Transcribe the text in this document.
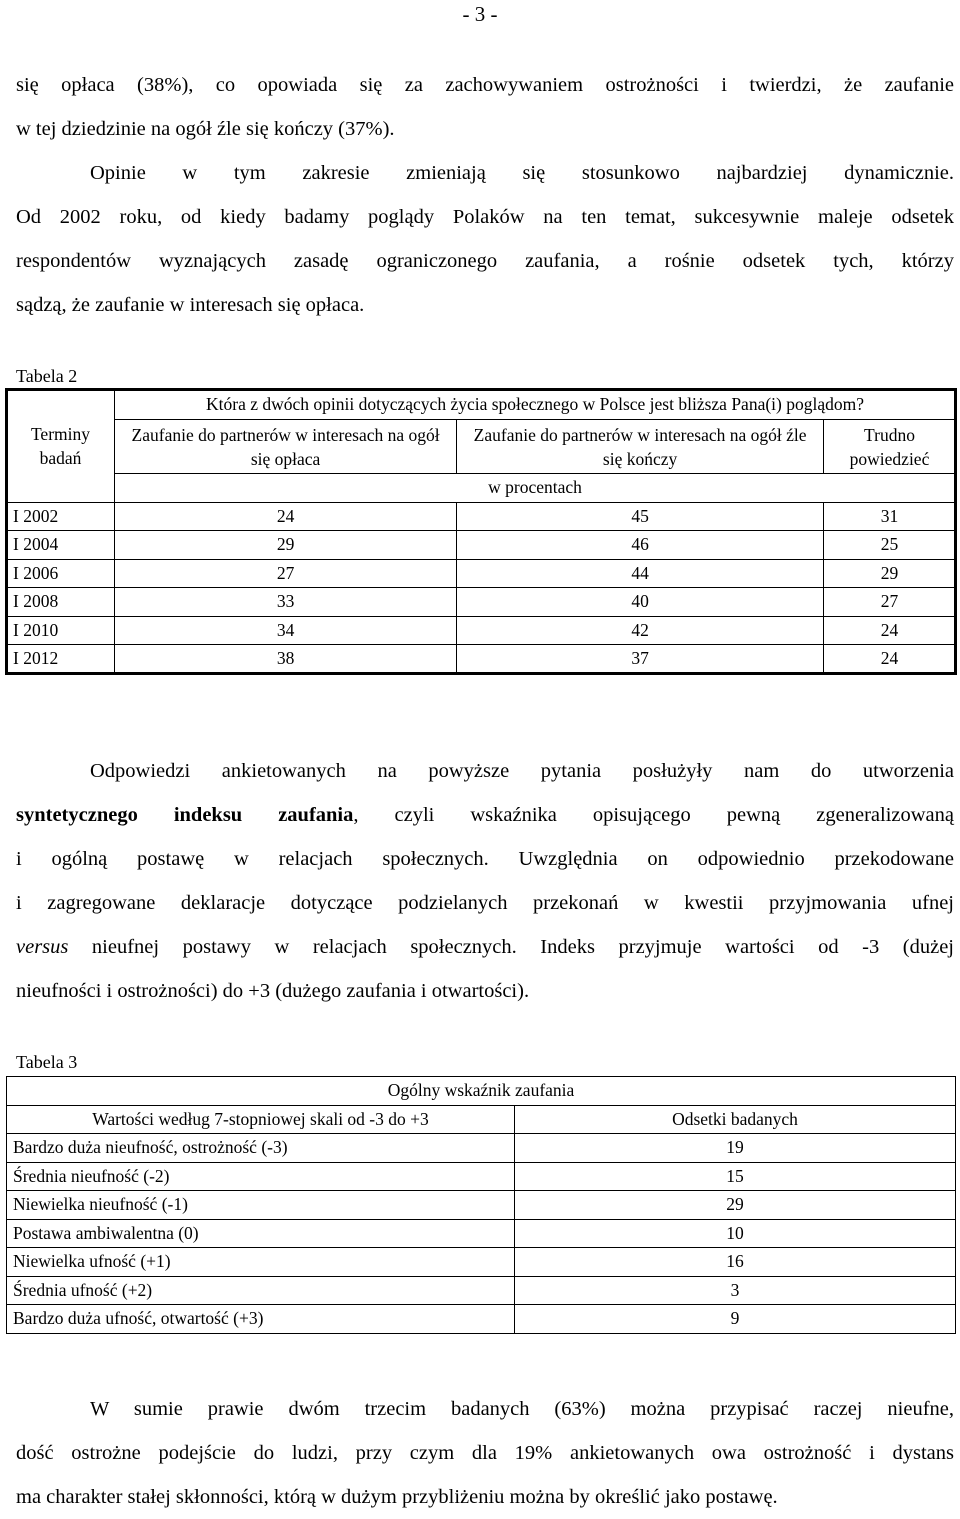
- 3 -
się opłaca (38%), co opowiada się za zachowywaniem ostrożności i twierdzi, że zaufanie
w tej dziedzinie na ogół źle się kończy (37%).
Opinie w tym zakresie zmieniają się stosunkowo najbardziej dynamicznie.
Od 2002 roku, od kiedy badamy poglądy Polaków na ten temat, sukcesywnie maleje odsetek
respondentów wyznających zasadę ograniczonego zaufania, a rośnie odsetek tych, którzy
sądzą, że zaufanie w interesach się opłaca.
Tabela 2
Terminy badań	Która z dwóch opinii dotyczących życia społecznego w Polsce jest bliższa Pana(i) poglądom?		
	Zaufanie do partnerów w interesach na ogół się opłaca	Zaufanie do partnerów w interesach na ogół źle się kończy	Trudno powiedzieć
	w procentach		
I 2002	24	45	31
I 2004	29	46	25
I 2006	27	44	29
I 2008	33	40	27
I 2010	34	42	24
I 2012	38	37	24
Odpowiedzi ankietowanych na powyższe pytania posłużyły nam do utworzenia
syntetycznego indeksu zaufania, czyli wskaźnika opisującego pewną zgeneralizowaną
i ogólną postawę w relacjach społecznych. Uwzględnia on odpowiednio przekodowane
i zagregowane deklaracje dotyczące podzielanych przekonań w kwestii przyjmowania ufnej
versus nieufnej postawy w relacjach społecznych. Indeks przyjmuje wartości od -3 (dużej
nieufności i ostrożności) do +3 (dużego zaufania i otwartości).
Tabela 3
Ogólny wskaźnik zaufania	
Wartości według 7-stopniowej skali od -3 do +3	Odsetki badanych
Bardzo duża nieufność, ostrożność (-3)	19
Średnia nieufność (-2)	15
Niewielka nieufność (-1)	29
Postawa ambiwalentna (0)	10
Niewielka ufność (+1)	16
Średnia ufność (+2)	3
Bardzo duża ufność, otwartość (+3)	9
W sumie prawie dwóm trzecim badanych (63%) można przypisać raczej nieufne,
dość ostrożne podejście do ludzi, przy czym dla 19% ankietowanych owa ostrożność i dystans
ma charakter stałej skłonności, którą w dużym przybliżeniu można by określić jako postawę.
